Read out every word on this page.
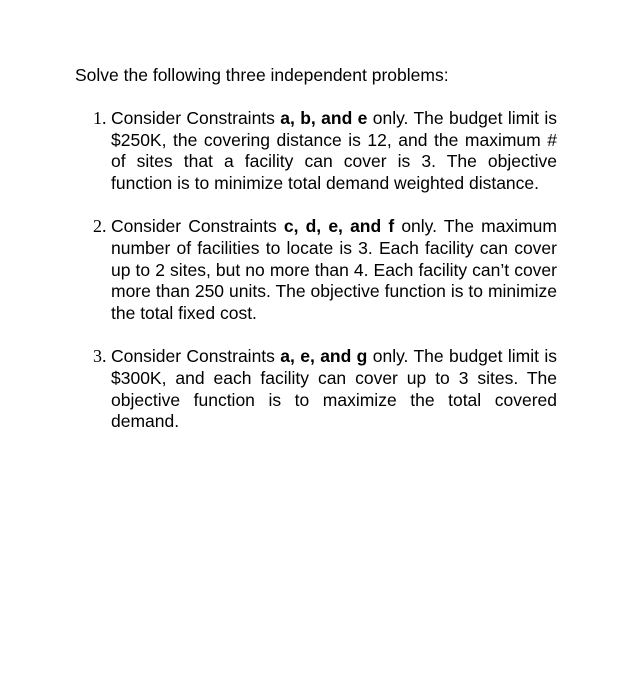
Solve the following three independent problems:
1. Consider Constraints a, b, and e only. The budget limit is $250K, the covering distance is 12, and the maximum # of sites that a facility can cover is 3. The objective function is to minimize total demand weighted distance.
2. Consider Constraints c, d, e, and f only. The maximum number of facilities to locate is 3. Each facility can cover up to 2 sites, but no more than 4. Each facility can’t cover more than 250 units. The objective function is to minimize the total fixed cost.
3. Consider Constraints a, e, and g only. The budget limit is $300K, and each facility can cover up to 3 sites. The objective function is to maximize the total covered demand.
